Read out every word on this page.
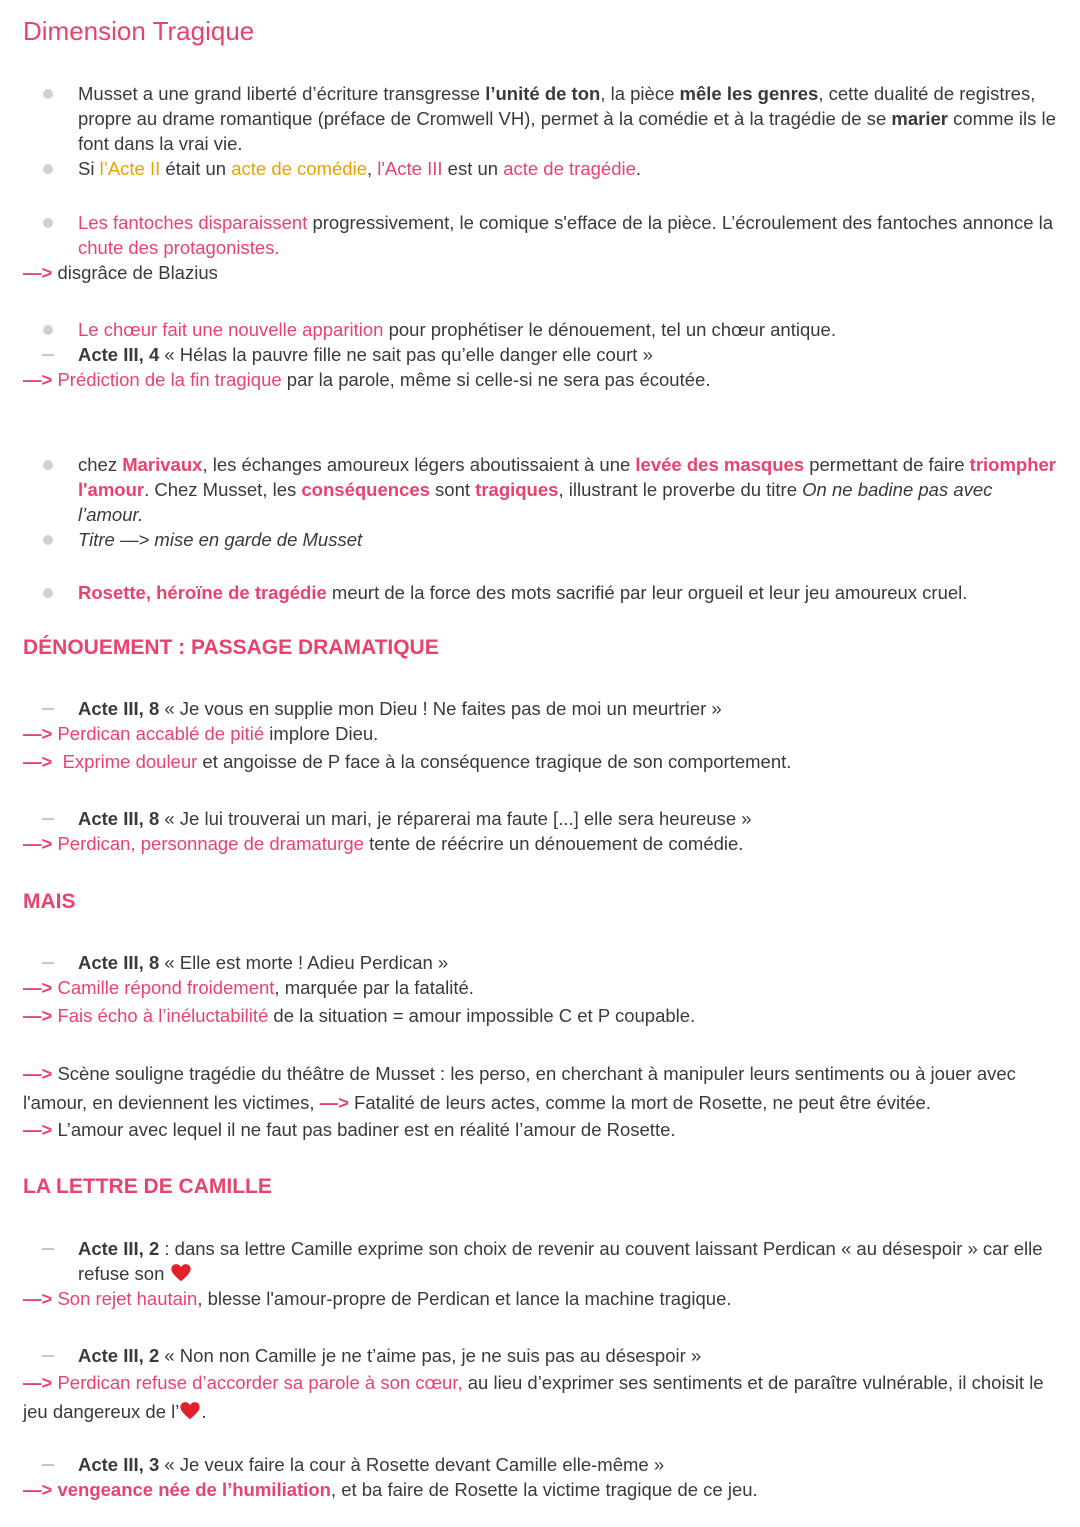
Dimension Tragique
Musset a une grand liberté d’écriture transgresse l’unité de ton, la pièce mêle les genres, cette dualité de registres, propre au drame romantique (préface de Cromwell VH), permet à la comédie et à la tragédie de se marier comme ils le font dans la vrai vie.
Si l’Acte II était un acte de comédie, l'Acte III est un acte de tragédie.
Les fantoches disparaissent progressivement, le comique s'efface de la pièce. L’écroulement des fantoches annonce la chute des protagonistes.
—> disgrâce de Blazius
Le chœur fait une nouvelle apparition pour prophétiser le dénouement, tel un chœur antique.
Acte III, 4 « Hélas la pauvre fille ne sait pas qu’elle danger elle court »
—> Prédiction de la fin tragique par la parole, même si celle-si ne sera pas écoutée.
chez Marivaux, les échanges amoureux légers aboutissaient à une levée des masques permettant de faire triompher l'amour. Chez Musset, les conséquences sont tragiques, illustrant le proverbe du titre On ne badine pas avec l’amour.
Titre —> mise en garde de Musset
Rosette, héroïne de tragédie meurt de la force des mots sacrifié par leur orgueil et leur jeu amoureux cruel.
DÉNOUEMENT : PASSAGE DRAMATIQUE
Acte III, 8 « Je vous en supplie mon Dieu ! Ne faites pas de moi un meurtrier »
—> Perdican accablé de pitié implore Dieu.
—>  Exprime douleur et angoisse de P face à la conséquence tragique de son comportement.
Acte III, 8 « Je lui trouverai un mari, je réparerai ma faute [...] elle sera heureuse »
—> Perdican, personnage de dramaturge tente de réécrire un dénouement de comédie.
MAIS
Acte III, 8 « Elle est morte ! Adieu Perdican »
—> Camille répond froidement, marquée par la fatalité.
—> Fais écho à l’inéluctabilité de la situation = amour impossible C et P coupable.
—> Scène souligne tragédie du théâtre de Musset : les perso, en cherchant à manipuler leurs sentiments ou à jouer avec l'amour, en deviennent les victimes, —> Fatalité de leurs actes, comme la mort de Rosette, ne peut être évitée.
—> L’amour avec lequel il ne faut pas badiner est en réalité l’amour de Rosette.
LA LETTRE DE CAMILLE
Acte III, 2 : dans sa lettre Camille exprime son choix de revenir au couvent laissant Perdican « au désespoir » car elle refuse son
—> Son rejet hautain, blesse l'amour-propre de Perdican et lance la machine tragique.
Acte III, 2 « Non non Camille je ne t’aime pas, je ne suis pas au désespoir »
—> Perdican refuse d’accorder sa parole à son cœur, au lieu d’exprimer ses sentiments et de paraître vulnérable, il choisit le jeu dangereux de l’ .
Acte III, 3 « Je veux faire la cour à Rosette devant Camille elle-même »
—> vengeance née de l’humiliation, et ba faire de Rosette la victime tragique de ce jeu.
